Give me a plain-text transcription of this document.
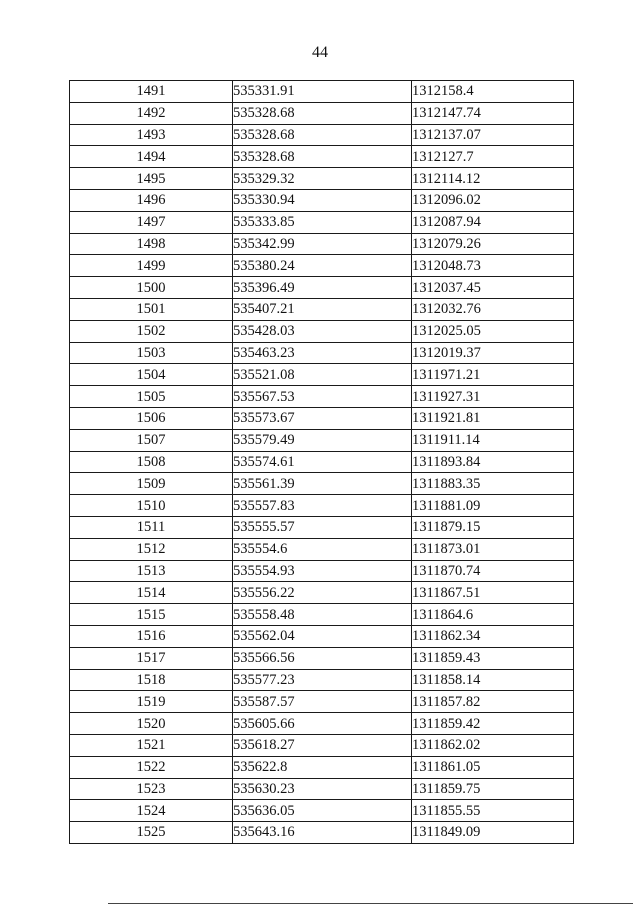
44
1491	535331.91	1312158.4
1492	535328.68	1312147.74
1493	535328.68	1312137.07
1494	535328.68	1312127.7
1495	535329.32	1312114.12
1496	535330.94	1312096.02
1497	535333.85	1312087.94
1498	535342.99	1312079.26
1499	535380.24	1312048.73
1500	535396.49	1312037.45
1501	535407.21	1312032.76
1502	535428.03	1312025.05
1503	535463.23	1312019.37
1504	535521.08	1311971.21
1505	535567.53	1311927.31
1506	535573.67	1311921.81
1507	535579.49	1311911.14
1508	535574.61	1311893.84
1509	535561.39	1311883.35
1510	535557.83	1311881.09
1511	535555.57	1311879.15
1512	535554.6	1311873.01
1513	535554.93	1311870.74
1514	535556.22	1311867.51
1515	535558.48	1311864.6
1516	535562.04	1311862.34
1517	535566.56	1311859.43
1518	535577.23	1311858.14
1519	535587.57	1311857.82
1520	535605.66	1311859.42
1521	535618.27	1311862.02
1522	535622.8	1311861.05
1523	535630.23	1311859.75
1524	535636.05	1311855.55
1525	535643.16	1311849.09
